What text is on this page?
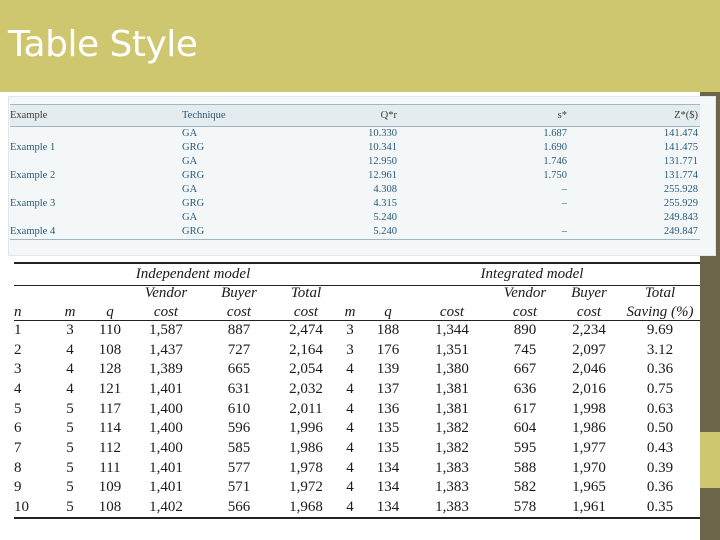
Table Style
Example	Technique	Q*r	s*	Z*($)
	GA	10.330	1.687	141.474
Example 1	GRG	10.341	1.690	141.475
	GA	12.950	1.746	131.771
Example 2	GRG	12.961	1.750	131.774
	GA	4.308	–	255.928
Example 3	GRG	4.315	–	255.929
	GA	5.240		249.843
Example 4	GRG	5.240	–	249.847
	Independent model						Integrated model					
			Vendor	Buyer	Total				Vendor	Buyer	Total	
n	m	q	cost	cost	cost	m	q	cost	cost	cost	Saving (%)	
1	3	110	1,587	887	2,474	3	188	1,344	890	2,234	9.69	
2	4	108	1,437	727	2,164	3	176	1,351	745	2,097	3.12	
3	4	128	1,389	665	2,054	4	139	1,380	667	2,046	0.36	
4	4	121	1,401	631	2,032	4	137	1,381	636	2,016	0.75	
5	5	117	1,400	610	2,011	4	136	1,381	617	1,998	0.63	
6	5	114	1,400	596	1,996	4	135	1,382	604	1,986	0.50	
7	5	112	1,400	585	1,986	4	135	1,382	595	1,977	0.43	
8	5	111	1,401	577	1,978	4	134	1,383	588	1,970	0.39	
9	5	109	1,401	571	1,972	4	134	1,383	582	1,965	0.36	
10	5	108	1,402	566	1,968	4	134	1,383	578	1,961	0.35	
